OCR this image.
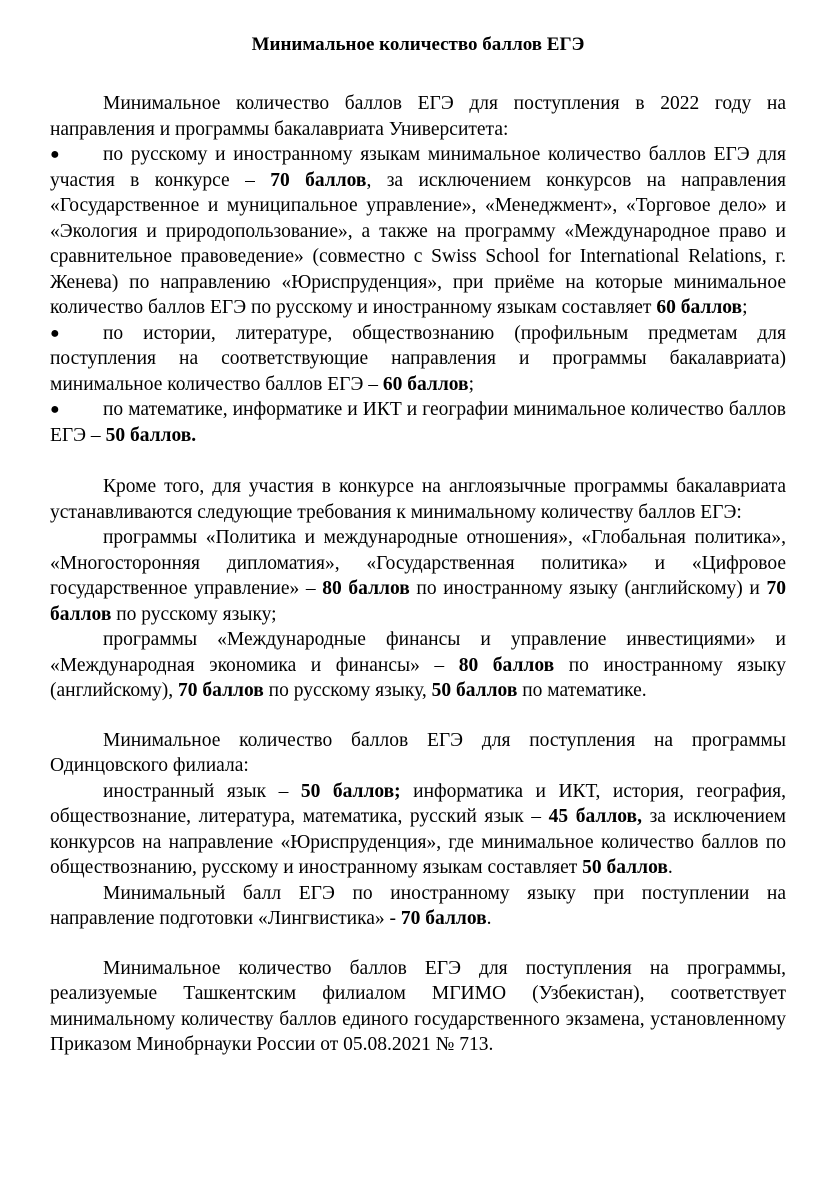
Минимальное количество баллов ЕГЭ

Минимальное количество баллов ЕГЭ для поступления в 2022 году на направления и программы бакалавриата Университета:

● по русскому и иностранному языкам минимальное количество баллов ЕГЭ для участия в конкурсе – 70 баллов, за исключением конкурсов на направления «Государственное и муниципальное управление», «Менеджмент», «Торговое дело» и «Экология и природопользование», а также на программу «Международное право и сравнительное правоведение» (совместно с Swiss School for International Relations, г. Женева) по направлению «Юриспруденция», при приёме на которые минимальное количество баллов ЕГЭ по русскому и иностранному языкам составляет 60 баллов;

● по истории, литературе, обществознанию (профильным предметам для поступления на соответствующие направления и программы бакалавриата) минимальное количество баллов ЕГЭ – 60 баллов;

● по математике, информатике и ИКТ и географии минимальное количество баллов ЕГЭ – 50 баллов.

Кроме того, для участия в конкурсе на англоязычные программы бакалавриата устанавливаются следующие требования к минимальному количеству баллов ЕГЭ:

программы «Политика и международные отношения», «Глобальная политика», «Многосторонняя дипломатия», «Государственная политика» и «Цифровое государственное управление» – 80 баллов по иностранному языку (английскому) и 70 баллов по русскому языку;

программы «Международные финансы и управление инвестициями» и «Международная экономика и финансы» – 80 баллов по иностранному языку (английскому), 70 баллов по русскому языку, 50 баллов по математике.

Минимальное количество баллов ЕГЭ для поступления на программы Одинцовского филиала:

иностранный язык – 50 баллов; информатика и ИКТ, история, география, обществознание, литература, математика, русский язык – 45 баллов, за исключением конкурсов на направление «Юриспруденция», где минимальное количество баллов по обществознанию, русскому и иностранному языкам составляет 50 баллов.

Минимальный балл ЕГЭ по иностранному языку при поступлении на направление подготовки «Лингвистика» - 70 баллов.

Минимальное количество баллов ЕГЭ для поступления на программы, реализуемые Ташкентским филиалом МГИМО (Узбекистан), соответствует минимальному количеству баллов единого государственного экзамена, установленному Приказом Минобрнауки России от 05.08.2021 № 713.
